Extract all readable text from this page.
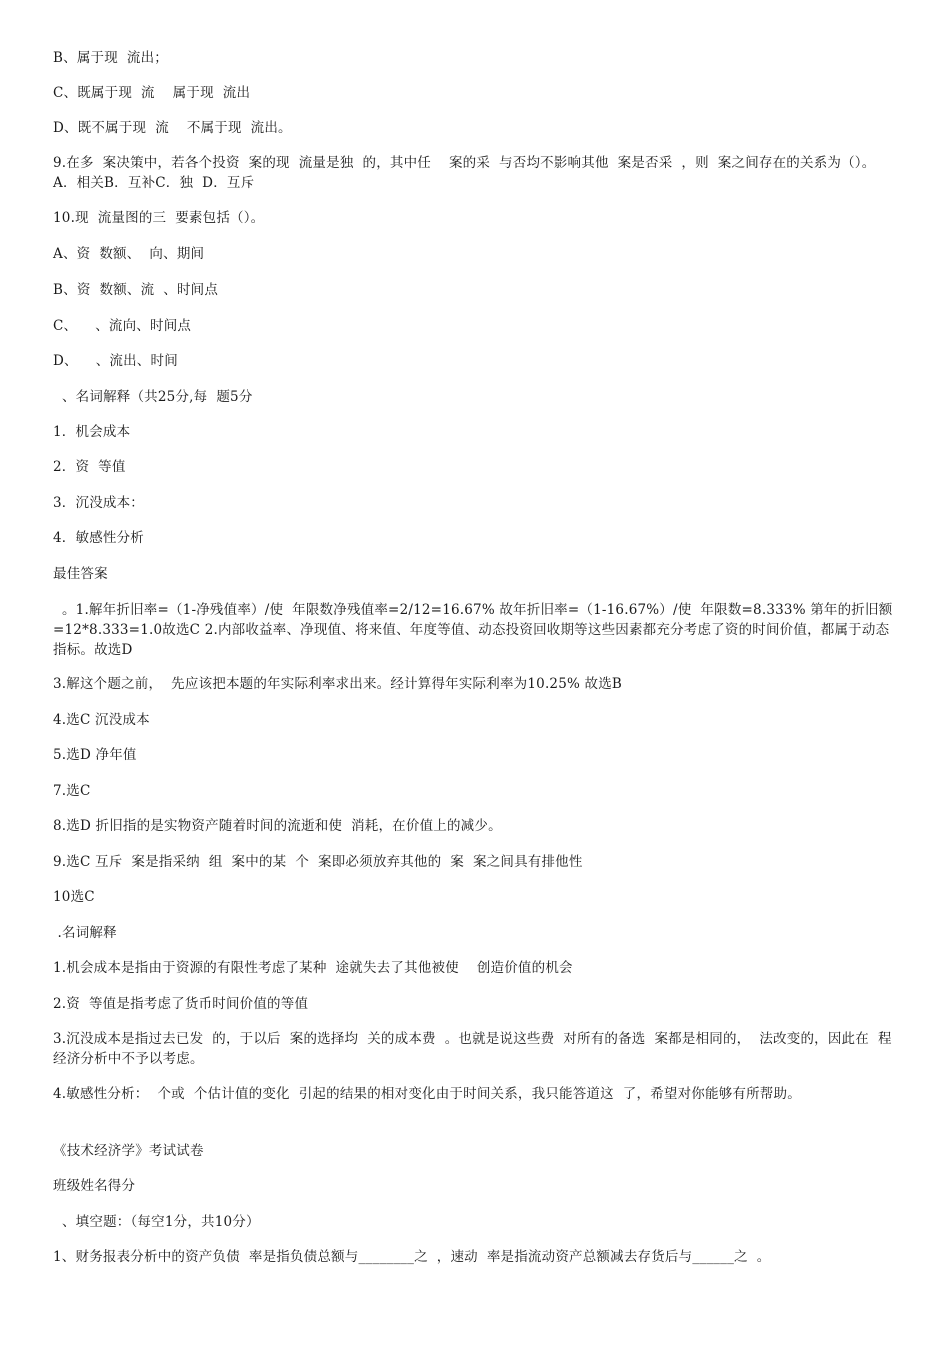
B、属于现  流出；
C、既属于现  流    属于现  流出
D、既不属于现  流    不属于现  流出。
9.在多  案决策中，若各个投资  案的现  流量是独  的，其中任    案的采  与否均不影响其他  案是否采  ，则  案之间存在的关系为（）。A．相关B．互补C．独  D．互斥
10.现  流量图的三  要素包括（）。
A、资  数额、  向、期间
B、资  数额、流  、时间点
C、    、流向、时间点
D、    、流出、时间
、名词解释（共25分,每  题5分
1．机会成本
2．资  等值
3．沉没成本：
4．敏感性分析
最佳答案
。1.解年折旧率=（1-净残值率）/使  年限数净残值率=2/12=16.67% 故年折旧率=（1-16.67%）/使  年限数=8.333% 第年的折旧额=12*8.333=1.0故选C 2.内部收益率、净现值、将来值、年度等值、动态投资回收期等这些因素都充分考虑了资的时间价值，都属于动态指标。故选D
3.解这个题之前，  先应该把本题的年实际利率求出来。经计算得年实际利率为10.25% 故选B
4.选C 沉没成本
5.选D 净年值
7.选C
8.选D 折旧指的是实物资产随着时间的流逝和使  消耗，在价值上的减少。
9.选C 互斥  案是指采纳  组  案中的某  个  案即必须放弃其他的  案  案之间具有排他性
10选C
.名词解释
1.机会成本是指由于资源的有限性考虑了某种  途就失去了其他被使    创造价值的机会
2.资  等值是指考虑了货币时间价值的等值
3.沉没成本是指过去已发  的，于以后  案的选择均  关的成本费  。也就是说这些费  对所有的备选  案都是相同的，  法改变的，因此在  程经济分析中不予以考虑。
4.敏感性分析：  个或  个估计值的变化  引起的结果的相对变化由于时间关系，我只能答道这  了，希望对你能够有所帮助。
《技术经济学》考试试卷
班级姓名得分
、填空题：（每空1分，共10分）
1、财务报表分析中的资产负债  率是指负债总额与________之  ，速动  率是指流动资产总额减去存货后与______之  。
